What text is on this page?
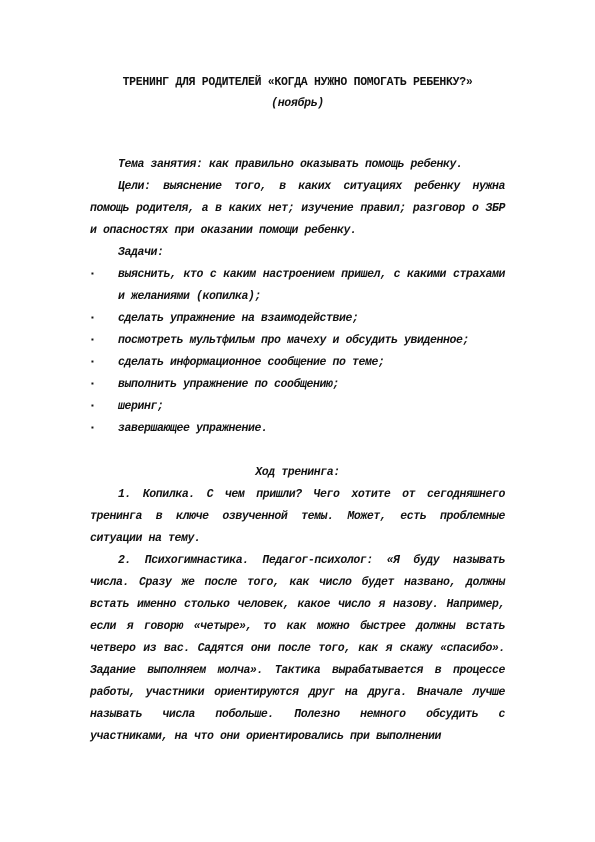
ТРЕНИНГ ДЛЯ РОДИТЕЛЕЙ «КОГДА НУЖНО ПОМОГАТЬ РЕБЕНКУ?»
(ноябрь)

Тема занятия: как правильно оказывать помощь ребенку.

Цели: выяснение того, в каких ситуациях ребенку нужна помощь родителя, а в каких нет; изучение правил; разговор о ЗБР и опасностях при оказании помощи ребенку.

Задачи:

▪ выяснить, кто с каким настроением пришел, с какими страхами и желаниями (копилка);
▪ сделать упражнение на взаимодействие;
▪ посмотреть мультфильм про мачеху и обсудить увиденное;
▪ сделать информационное сообщение по теме;
▪ выполнить упражнение по сообщению;
▪ шеринг;
▪ завершающее упражнение.

Ход тренинга:

1. Копилка. С чем пришли? Чего хотите от сегодняшнего тренинга в ключе озвученной темы. Может, есть проблемные ситуации на тему.

2. Психогимнастика. Педагог-психолог: «Я буду называть числа. Сразу же после того, как число будет названо, должны встать именно столько человек, какое число я назову. Например, если я говорю «четыре», то как можно быстрее должны встать четверо из вас. Садятся они после того, как я скажу «спасибо». Задание выполняем молча». Тактика вырабатывается в процессе работы, участники ориентируются друг на друга. Вначале лучше называть числа побольше. Полезно немного обсудить с участниками, на что они ориентировались при выполнении
